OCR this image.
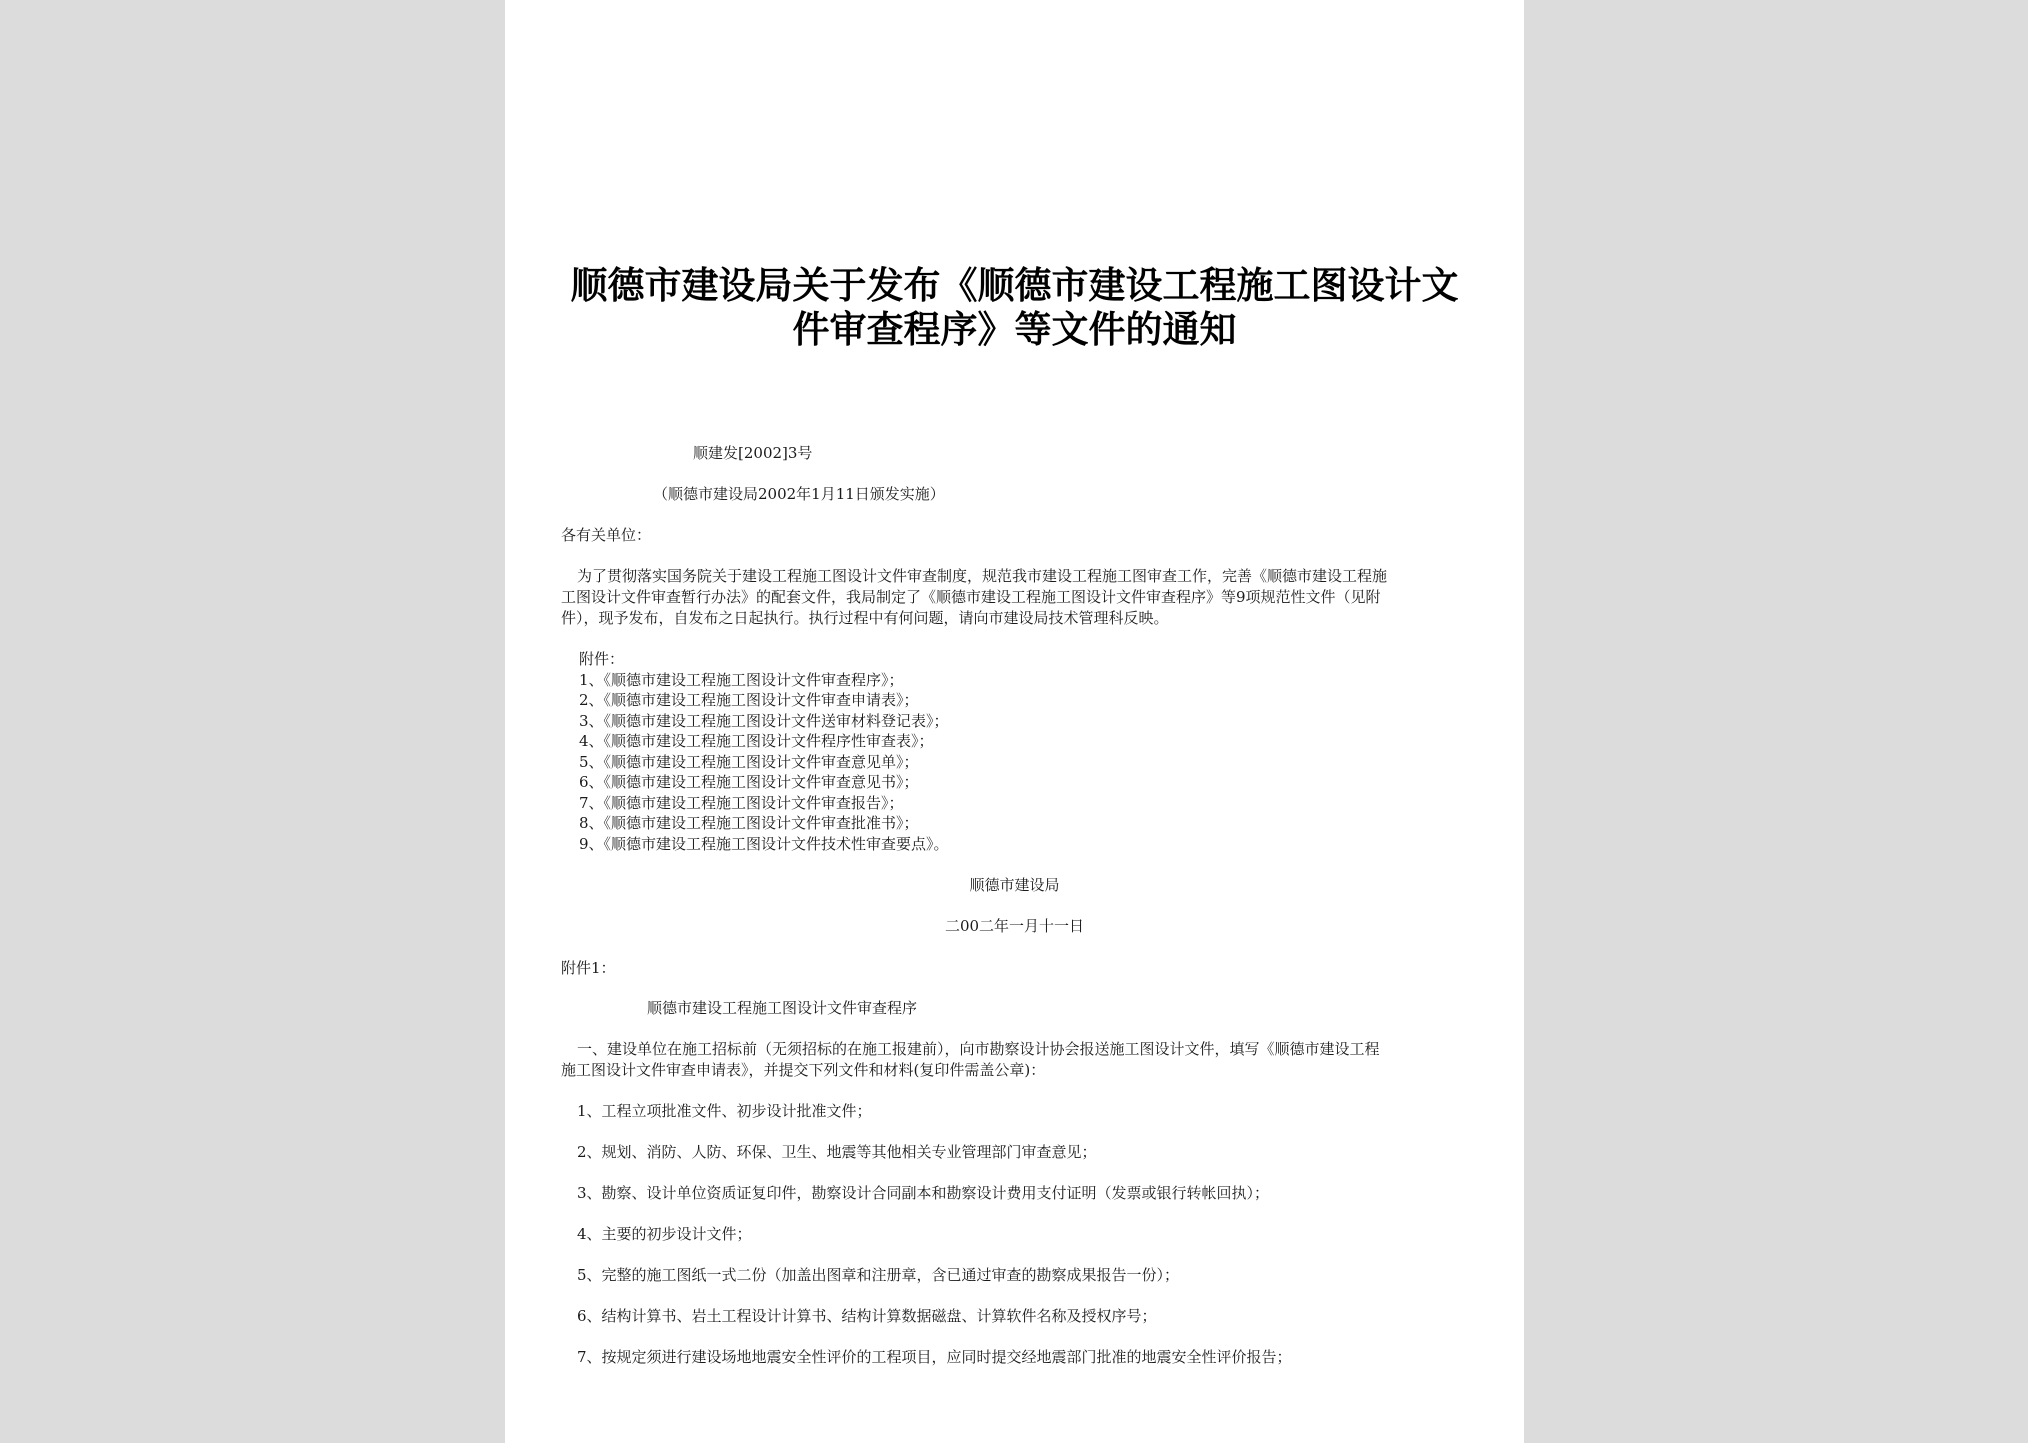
顺德市建设局关于发布《顺德市建设工程施工图设计文
件审查程序》等文件的通知
顺建发[2002]3号
（顺德市建设局2002年1月11日颁发实施）
各有关单位：
为了贯彻落实国务院关于建设工程施工图设计文件审查制度，规范我市建设工程施工图审查工作，完善《顺德市建设工程施
工图设计文件审查暂行办法》的配套文件，我局制定了《顺德市建设工程施工图设计文件审查程序》等9项规范性文件（见附
件），现予发布，自发布之日起执行。执行过程中有何问题，请向市建设局技术管理科反映。
附件：
1、《顺德市建设工程施工图设计文件审查程序》；
2、《顺德市建设工程施工图设计文件审查申请表》；
3、《顺德市建设工程施工图设计文件送审材料登记表》；
4、《顺德市建设工程施工图设计文件程序性审查表》；
5、《顺德市建设工程施工图设计文件审查意见单》；
6、《顺德市建设工程施工图设计文件审查意见书》；
7、《顺德市建设工程施工图设计文件审查报告》；
8、《顺德市建设工程施工图设计文件审查批准书》；
9、《顺德市建设工程施工图设计文件技术性审查要点》。
顺德市建设局
二00二年一月十一日
附件1：
顺德市建设工程施工图设计文件审查程序
一、建设单位在施工招标前（无须招标的在施工报建前），向市勘察设计协会报送施工图设计文件，填写《顺德市建设工程
施工图设计文件审查申请表》，并提交下列文件和材料(复印件需盖公章)：
1、工程立项批准文件、初步设计批准文件；
2、规划、消防、人防、环保、卫生、地震等其他相关专业管理部门审查意见；
3、勘察、设计单位资质证复印件，勘察设计合同副本和勘察设计费用支付证明（发票或银行转帐回执）；
4、主要的初步设计文件；
5、完整的施工图纸一式二份（加盖出图章和注册章，含已通过审查的勘察成果报告一份）；
6、结构计算书、岩土工程设计计算书、结构计算数据磁盘、计算软件名称及授权序号；
7、按规定须进行建设场地地震安全性评价的工程项目，应同时提交经地震部门批准的地震安全性评价报告；
